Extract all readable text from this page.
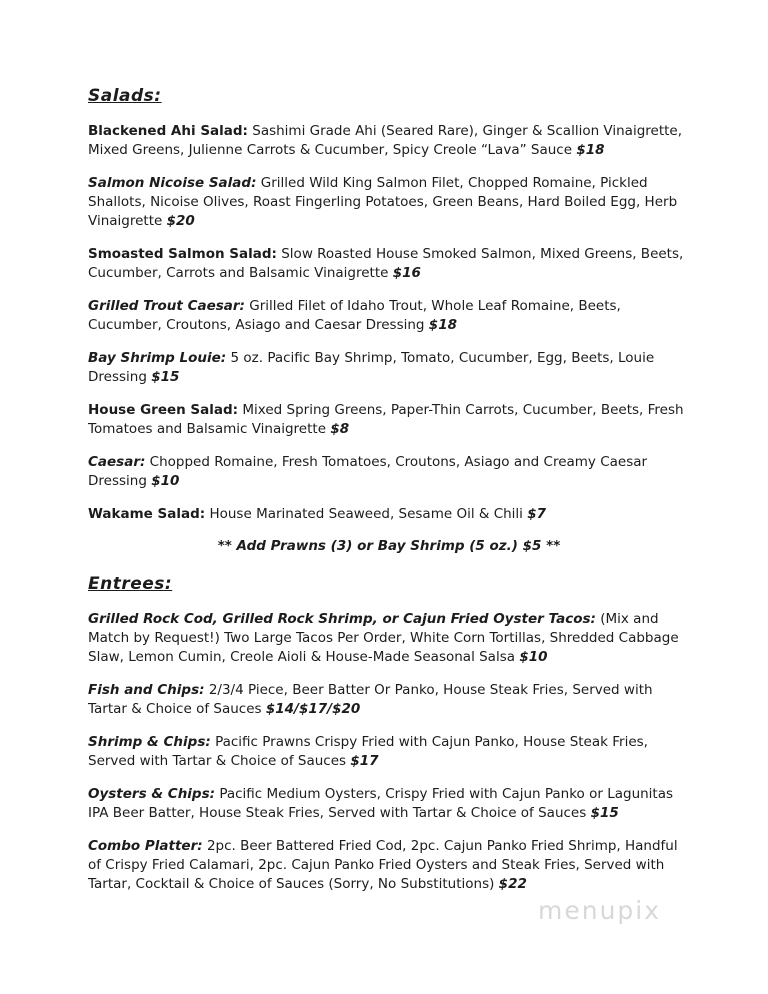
Salads:

Blackened Ahi Salad: Sashimi Grade Ahi (Seared Rare), Ginger & Scallion Vinaigrette, Mixed Greens, Julienne Carrots & Cucumber, Spicy Creole “Lava” Sauce $18

Salmon Nicoise Salad: Grilled Wild King Salmon Filet, Chopped Romaine, Pickled Shallots, Nicoise Olives, Roast Fingerling Potatoes, Green Beans, Hard Boiled Egg, Herb Vinaigrette $20

Smoasted Salmon Salad: Slow Roasted House Smoked Salmon, Mixed Greens, Beets, Cucumber, Carrots and Balsamic Vinaigrette $16

Grilled Trout Caesar: Grilled Filet of Idaho Trout, Whole Leaf Romaine, Beets, Cucumber, Croutons, Asiago and Caesar Dressing $18

Bay Shrimp Louie: 5 oz. Pacific Bay Shrimp, Tomato, Cucumber, Egg, Beets, Louie Dressing $15

House Green Salad: Mixed Spring Greens, Paper-Thin Carrots, Cucumber, Beets, Fresh Tomatoes and Balsamic Vinaigrette $8

Caesar: Chopped Romaine, Fresh Tomatoes, Croutons, Asiago and Creamy Caesar Dressing $10

Wakame Salad: House Marinated Seaweed, Sesame Oil & Chili $7

** Add Prawns (3) or Bay Shrimp (5 oz.) $5 **

Entrees:

Grilled Rock Cod, Grilled Rock Shrimp, or Cajun Fried Oyster Tacos: (Mix and Match by Request!) Two Large Tacos Per Order, White Corn Tortillas, Shredded Cabbage Slaw, Lemon Cumin, Creole Aioli & House-Made Seasonal Salsa $10

Fish and Chips: 2/3/4 Piece, Beer Batter Or Panko, House Steak Fries, Served with Tartar & Choice of Sauces $14/$17/$20

Shrimp & Chips: Pacific Prawns Crispy Fried with Cajun Panko, House Steak Fries, Served with Tartar & Choice of Sauces $17

Oysters & Chips: Pacific Medium Oysters, Crispy Fried with Cajun Panko or Lagunitas IPA Beer Batter, House Steak Fries, Served with Tartar & Choice of Sauces $15

Combo Platter: 2pc. Beer Battered Fried Cod, 2pc. Cajun Panko Fried Shrimp, Handful of Crispy Fried Calamari, 2pc. Cajun Panko Fried Oysters and Steak Fries, Served with Tartar, Cocktail & Choice of Sauces (Sorry, No Substitutions) $22

menupix
